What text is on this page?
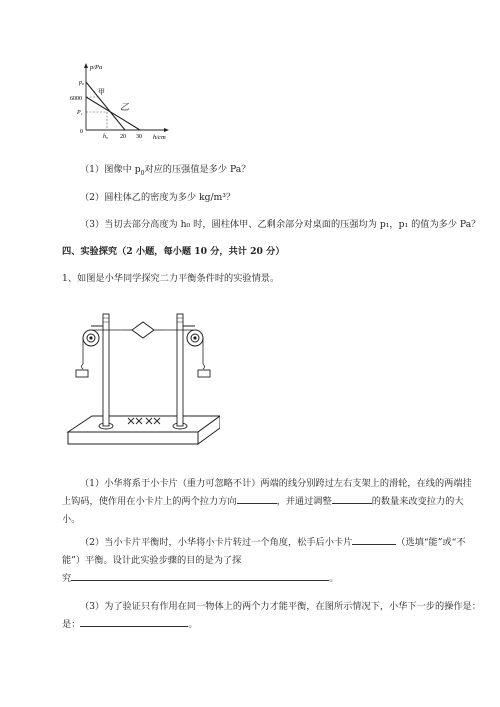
p/Pa
p₀
6000
P₁
0
甲
乙
h₀ 20 30 h/cm
（1）图像中 $p_0$对应的压强值是多少 Pa？
（2）圆柱体乙的密度为多少 kg/m³？
（3）当切去部分高度为 h₀ 时，圆柱体甲、乙剩余部分对桌面的压强均为 p₁，p₁ 的值为多少 Pa？
四、实验探究（2 小题，每小题 10 分，共计 20 分）
1、如图是小华同学探究二力平衡条件时的实验情景。
（1）小华将系于小卡片（重力可忽略不计）两端的线分别跨过左右支架上的滑轮，在线的两端挂
上钩码，使作用在小卡片上的两个拉力方向	，并通过调整	的数量来改变拉力的大
小。
（2）当小卡片平衡时，小华将小卡片转过一个角度，松手后小卡片	（选填“能”或“不
能”）平衡。设计此实验步骤的目的是为了探
究	。
（3）为了验证只有作用在同一物体上的两个力才能平衡，在图所示情况下，小华下一步的操作是：
是：	。
